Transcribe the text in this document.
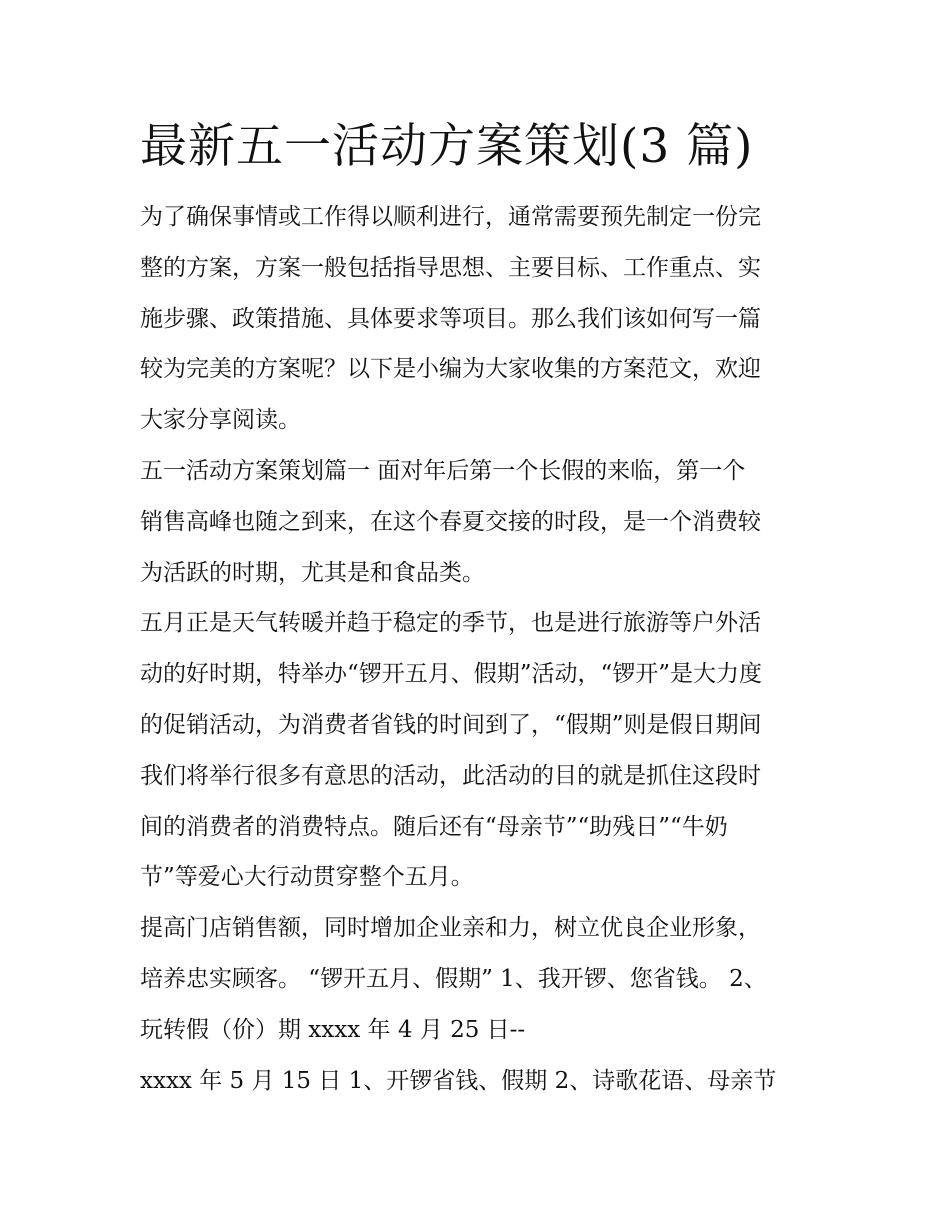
最新五一活动方案策划(3 篇)

为了确保事情或工作得以顺利进行，通常需要预先制定一份完
整的方案，方案一般包括指导思想、主要目标、工作重点、实
施步骤、政策措施、具体要求等项目。那么我们该如何写一篇
较为完美的方案呢？以下是小编为大家收集的方案范文，欢迎
大家分享阅读。

五一活动方案策划篇一 面对年后第一个长假的来临，第一个
销售高峰也随之到来，在这个春夏交接的时段，是一个消费较
为活跃的时期，尤其是和食品类。

五月正是天气转暖并趋于稳定的季节，也是进行旅游等户外活
动的好时期，特举办“锣开五月、假期”活动，“锣开”是大力度
的促销活动，为消费者省钱的时间到了，“假期”则是假日期间
我们将举行很多有意思的活动，此活动的目的就是抓住这段时
间的消费者的消费特点。随后还有“母亲节”“助残日”“牛奶
节”等爱心大行动贯穿整个五月。

提高门店销售额，同时增加企业亲和力，树立优良企业形象，
培养忠实顾客。 “锣开五月、假期” 1、我开锣、您省钱。 2、
玩转假（价）期 xxxx 年 4 月 25 日--

xxxx 年 5 月 15 日 1、开锣省钱、假期 2、诗歌花语、母亲节
